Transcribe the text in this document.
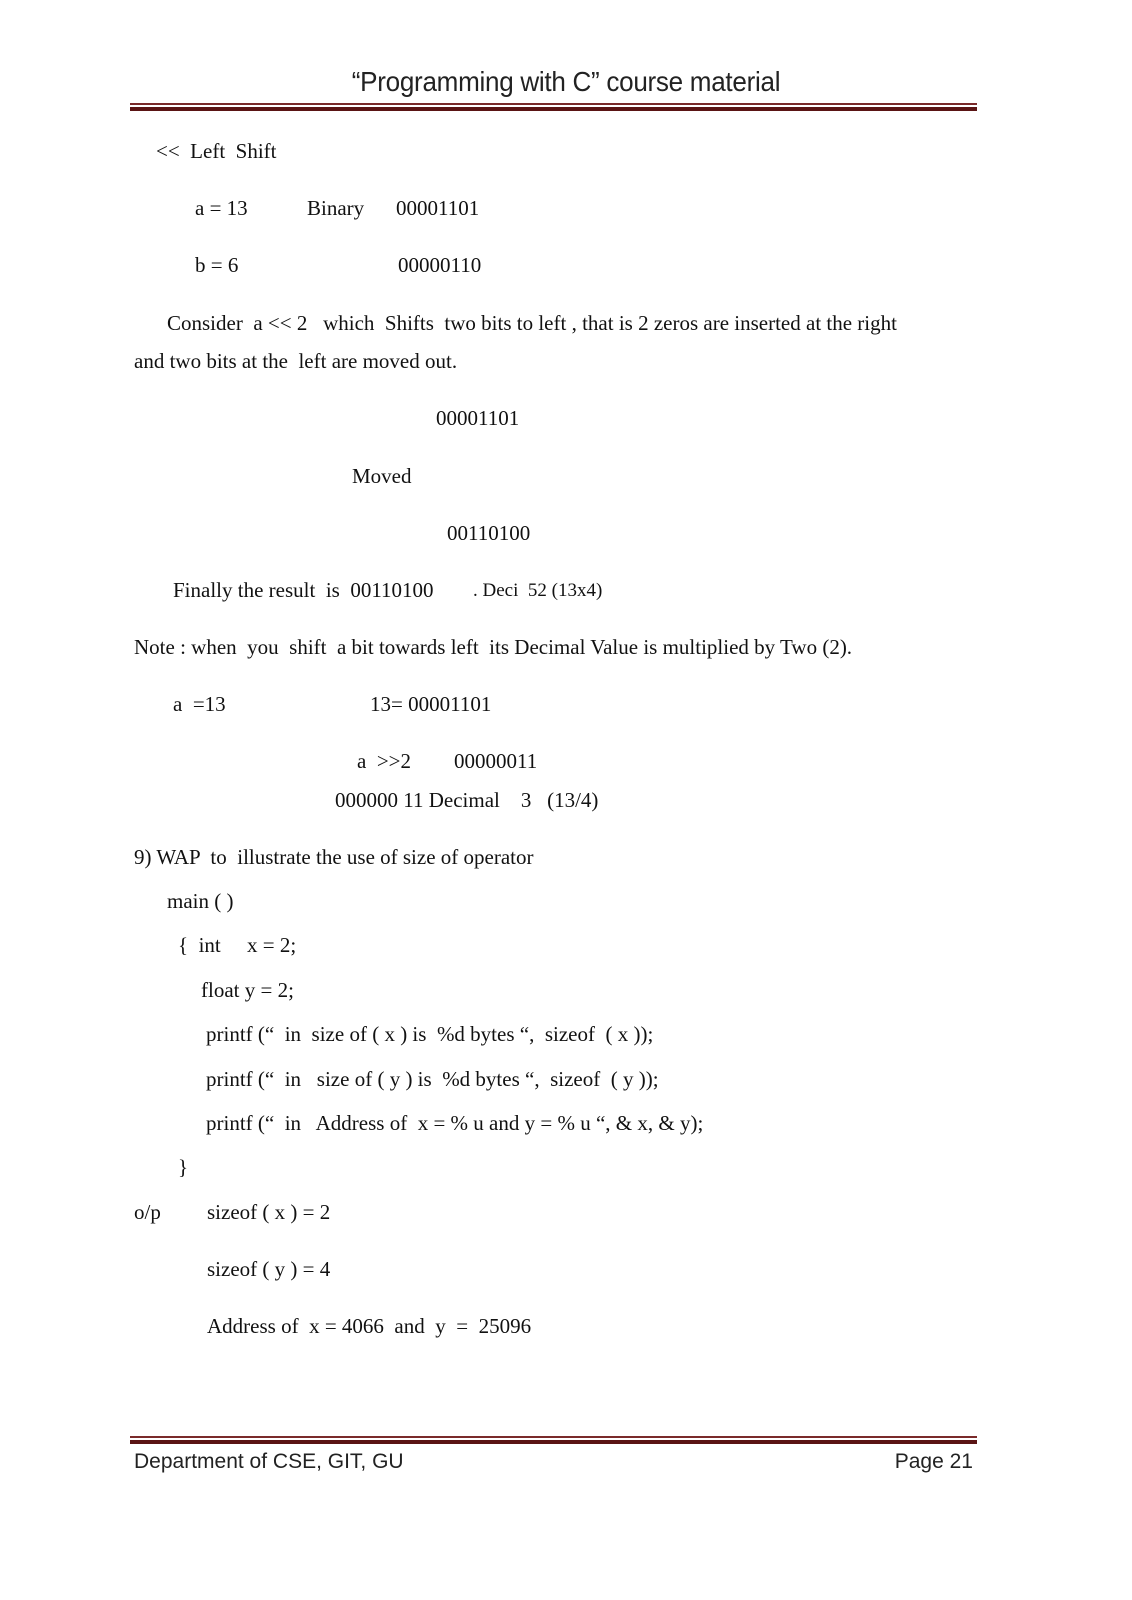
“Programming with C” course material
<<  Left  Shift
a = 13	Binary 00001101
b = 6	00000110
Consider  a << 2   which  Shifts  two bits to left , that is 2 zeros are inserted at the right
and two bits at the  left are moved out.
00001101
Moved
00110100
Finally the result  is  00110100 . Deci  52 (13x4)
Note : when  you  shift  a bit towards left  its Decimal Value is multiplied by Two (2).
a  =13	13= 00001101
a  >>2 00000011
000000 11 Decimal    3   (13/4)
9) WAP  to  illustrate the use of size of operator
main ( )
{  int     x = 2;
float y = 2;
printf (“  in  size of ( x ) is  %d bytes “,  sizeof  ( x ));
printf (“  in   size of ( y ) is  %d bytes “,  sizeof  ( y ));
printf (“  in   Address of  x = % u and y = % u “, & x, & y);
}
o/p sizeof ( x ) = 2
sizeof ( y ) = 4
Address of  x = 4066  and  y  =  25096
Department of CSE, GIT, GU	Page 21
